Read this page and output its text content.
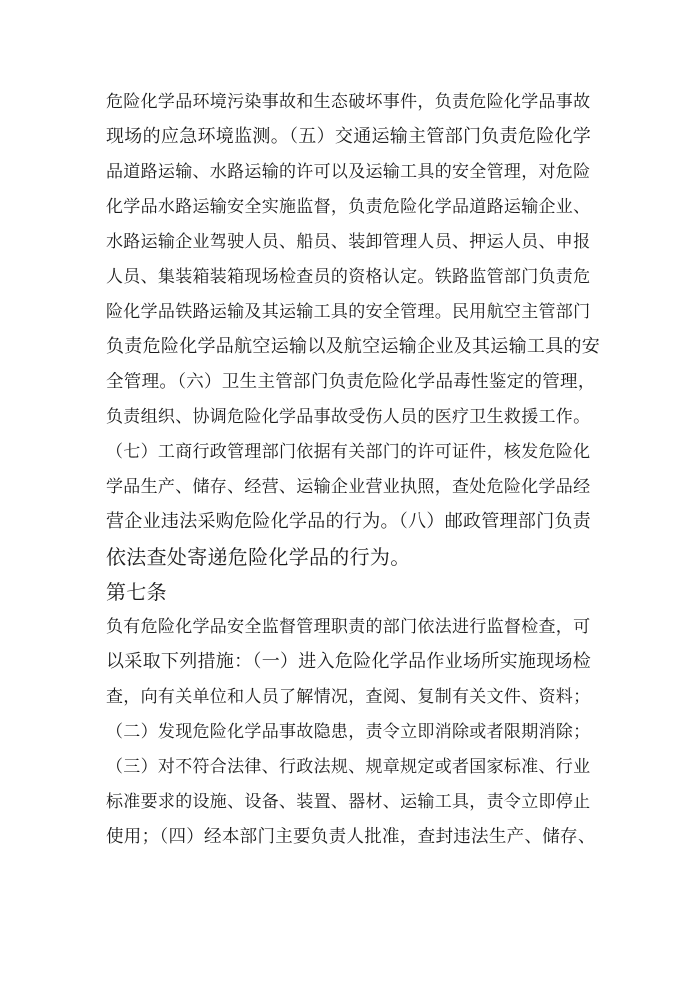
危险化学品环境污染事故和生态破坏事件，负责危险化学品事故
现场的应急环境监测。（五）交通运输主管部门负责危险化学
品道路运输、水路运输的许可以及运输工具的安全管理，对危险
化学品水路运输安全实施监督，负责危险化学品道路运输企业、
水路运输企业驾驶人员、船员、装卸管理人员、押运人员、申报
人员、集装箱装箱现场检查员的资格认定。铁路监管部门负责危
险化学品铁路运输及其运输工具的安全管理。民用航空主管部门
负责危险化学品航空运输以及航空运输企业及其运输工具的安
全管理。（六）卫生主管部门负责危险化学品毒性鉴定的管理，
负责组织、协调危险化学品事故受伤人员的医疗卫生救援工作。
（七）工商行政管理部门依据有关部门的许可证件，核发危险化
学品生产、储存、经营、运输企业营业执照，查处危险化学品经
营企业违法采购危险化学品的行为。（八）邮政管理部门负责
依法查处寄递危险化学品的行为。
第七条
负有危险化学品安全监督管理职责的部门依法进行监督检查，可
以采取下列措施：（一）进入危险化学品作业场所实施现场检
查，向有关单位和人员了解情况，查阅、复制有关文件、资料；
（二）发现危险化学品事故隐患，责令立即消除或者限期消除；
（三）对不符合法律、行政法规、规章规定或者国家标准、行业
标准要求的设施、设备、装置、器材、运输工具，责令立即停止
使用；（四）经本部门主要负责人批准，查封违法生产、储存、
